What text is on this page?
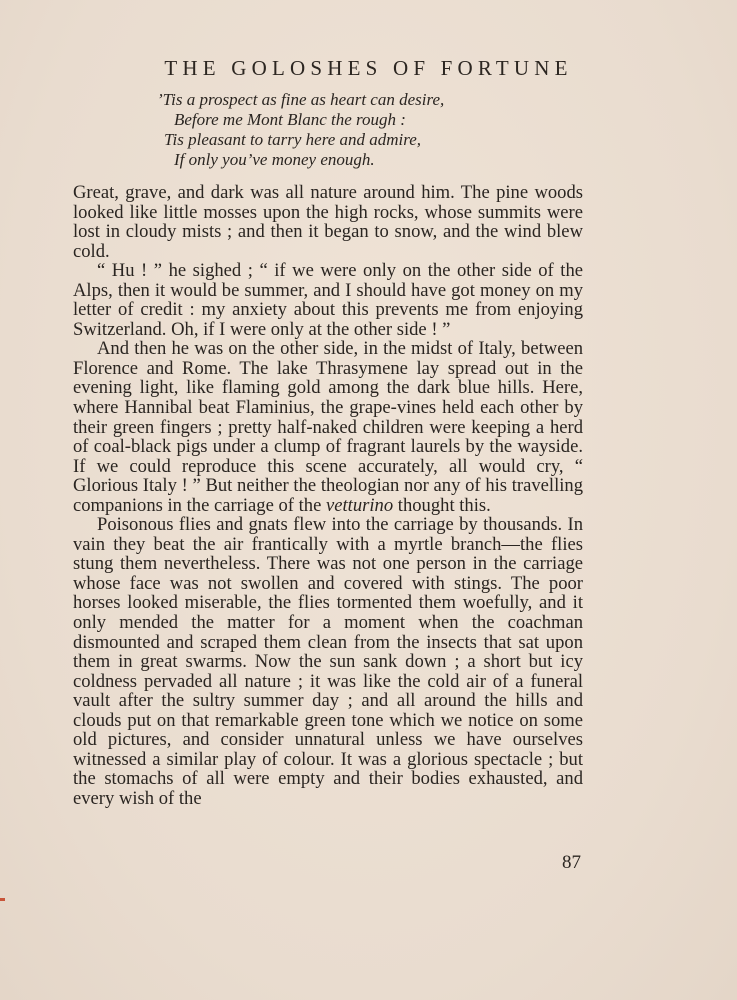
THE GOLOSHES OF FORTUNE
’Tis a prospect as fine as heart can desire,
Before me Mont Blanc the rough :
Tis pleasant to tarry here and admire,
If only you’ve money enough.

Great, grave, and dark was all nature around him. The pine woods looked like little mosses upon the high rocks, whose summits were lost in cloudy mists ; and then it began to snow, and the wind blew cold.

“ Hu ! ” he sighed ; “ if we were only on the other side of the Alps, then it would be summer, and I should have got money on my letter of credit : my anxiety about this prevents me from enjoying Switzerland. Oh, if I were only at the other side ! ”

And then he was on the other side, in the midst of Italy, between Florence and Rome. The lake Thrasymene lay spread out in the evening light, like flaming gold among the dark blue hills. Here, where Hannibal beat Flaminius, the grape-vines held each other by their green fingers ; pretty half-naked children were keeping a herd of coal-black pigs under a clump of fragrant laurels by the wayside. If we could reproduce this scene accurately, all would cry, “ Glorious Italy ! ” But neither the theologian nor any of his travelling companions in the carriage of the vetturino thought this.

Poisonous flies and gnats flew into the carriage by thousands. In vain they beat the air frantically with a myrtle branch—the flies stung them nevertheless. There was not one person in the carriage whose face was not swollen and covered with stings. The poor horses looked miserable, the flies tormented them woefully, and it only mended the matter for a moment when the coachman dismounted and scraped them clean from the insects that sat upon them in great swarms. Now the sun sank down ; a short but icy coldness pervaded all nature ; it was like the cold air of a funeral vault after the sultry summer day ; and all around the hills and clouds put on that remarkable green tone which we notice on some old pictures, and consider unnatural unless we have ourselves witnessed a similar play of colour. It was a glorious spectacle ; but the stomachs of all were empty and their bodies exhausted, and every wish of the

87
